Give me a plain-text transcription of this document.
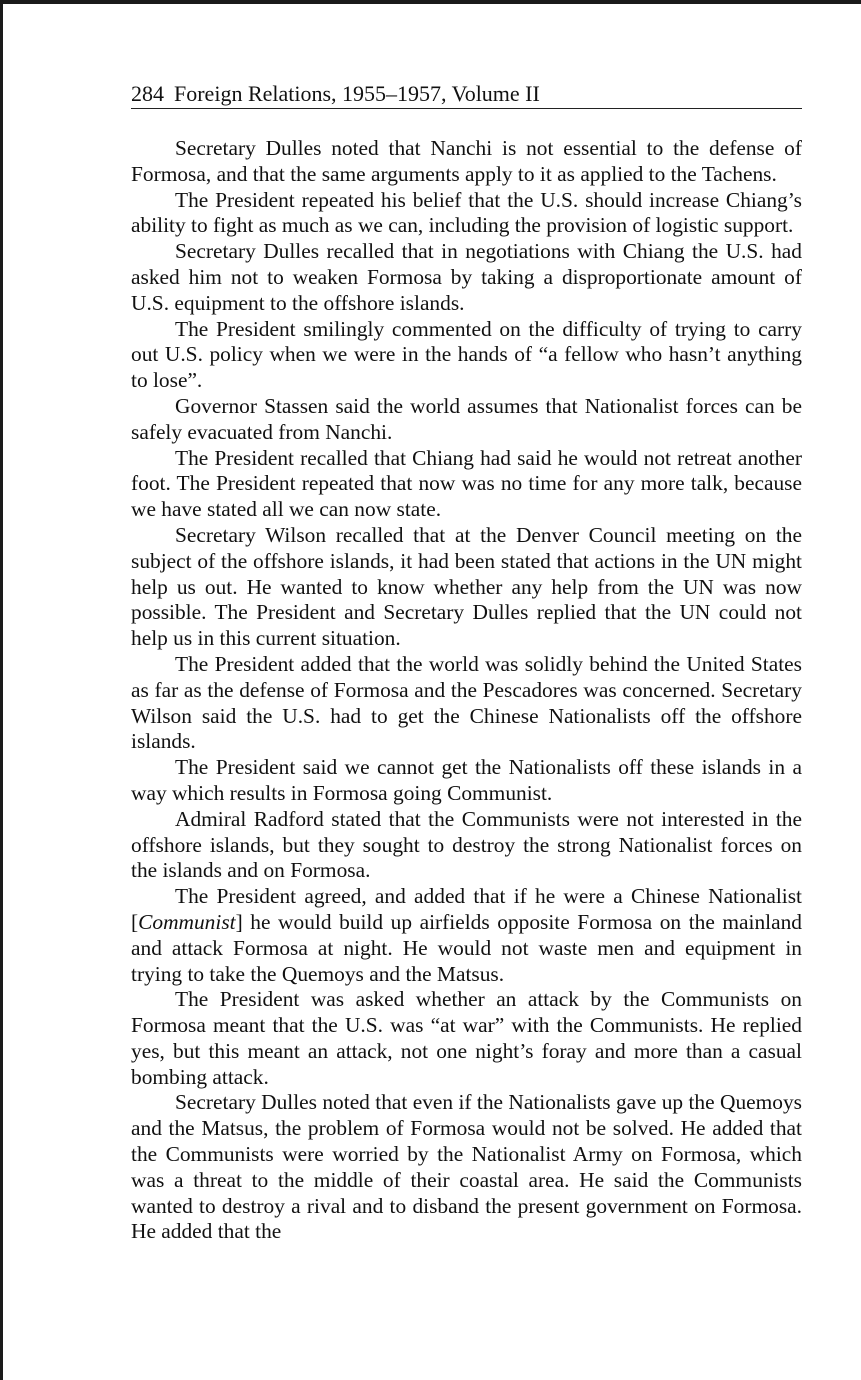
284 Foreign Relations, 1955–1957, Volume II

Secretary Dulles noted that Nanchi is not essential to the defense of Formosa, and that the same arguments apply to it as applied to the Tachens.

The President repeated his belief that the U.S. should increase Chiang’s ability to fight as much as we can, including the provision of logistic support.

Secretary Dulles recalled that in negotiations with Chiang the U.S. had asked him not to weaken Formosa by taking a disproportionate amount of U.S. equipment to the offshore islands.

The President smilingly commented on the difficulty of trying to carry out U.S. policy when we were in the hands of “a fellow who hasn’t anything to lose”.

Governor Stassen said the world assumes that Nationalist forces can be safely evacuated from Nanchi.

The President recalled that Chiang had said he would not retreat another foot. The President repeated that now was no time for any more talk, because we have stated all we can now state.

Secretary Wilson recalled that at the Denver Council meeting on the subject of the offshore islands, it had been stated that actions in the UN might help us out. He wanted to know whether any help from the UN was now possible. The President and Secretary Dulles replied that the UN could not help us in this current situation.

The President added that the world was solidly behind the United States as far as the defense of Formosa and the Pescadores was concerned. Secretary Wilson said the U.S. had to get the Chinese Nationalists off the offshore islands.

The President said we cannot get the Nationalists off these islands in a way which results in Formosa going Communist.

Admiral Radford stated that the Communists were not interested in the offshore islands, but they sought to destroy the strong Nationalist forces on the islands and on Formosa.

The President agreed, and added that if he were a Chinese Nationalist [Communist] he would build up airfields opposite Formosa on the mainland and attack Formosa at night. He would not waste men and equipment in trying to take the Quemoys and the Matsus.

The President was asked whether an attack by the Communists on Formosa meant that the U.S. was “at war” with the Communists. He replied yes, but this meant an attack, not one night’s foray and more than a casual bombing attack.

Secretary Dulles noted that even if the Nationalists gave up the Quemoys and the Matsus, the problem of Formosa would not be solved. He added that the Communists were worried by the Nationalist Army on Formosa, which was a threat to the middle of their coastal area. He said the Communists wanted to destroy a rival and to disband the present government on Formosa. He added that the
